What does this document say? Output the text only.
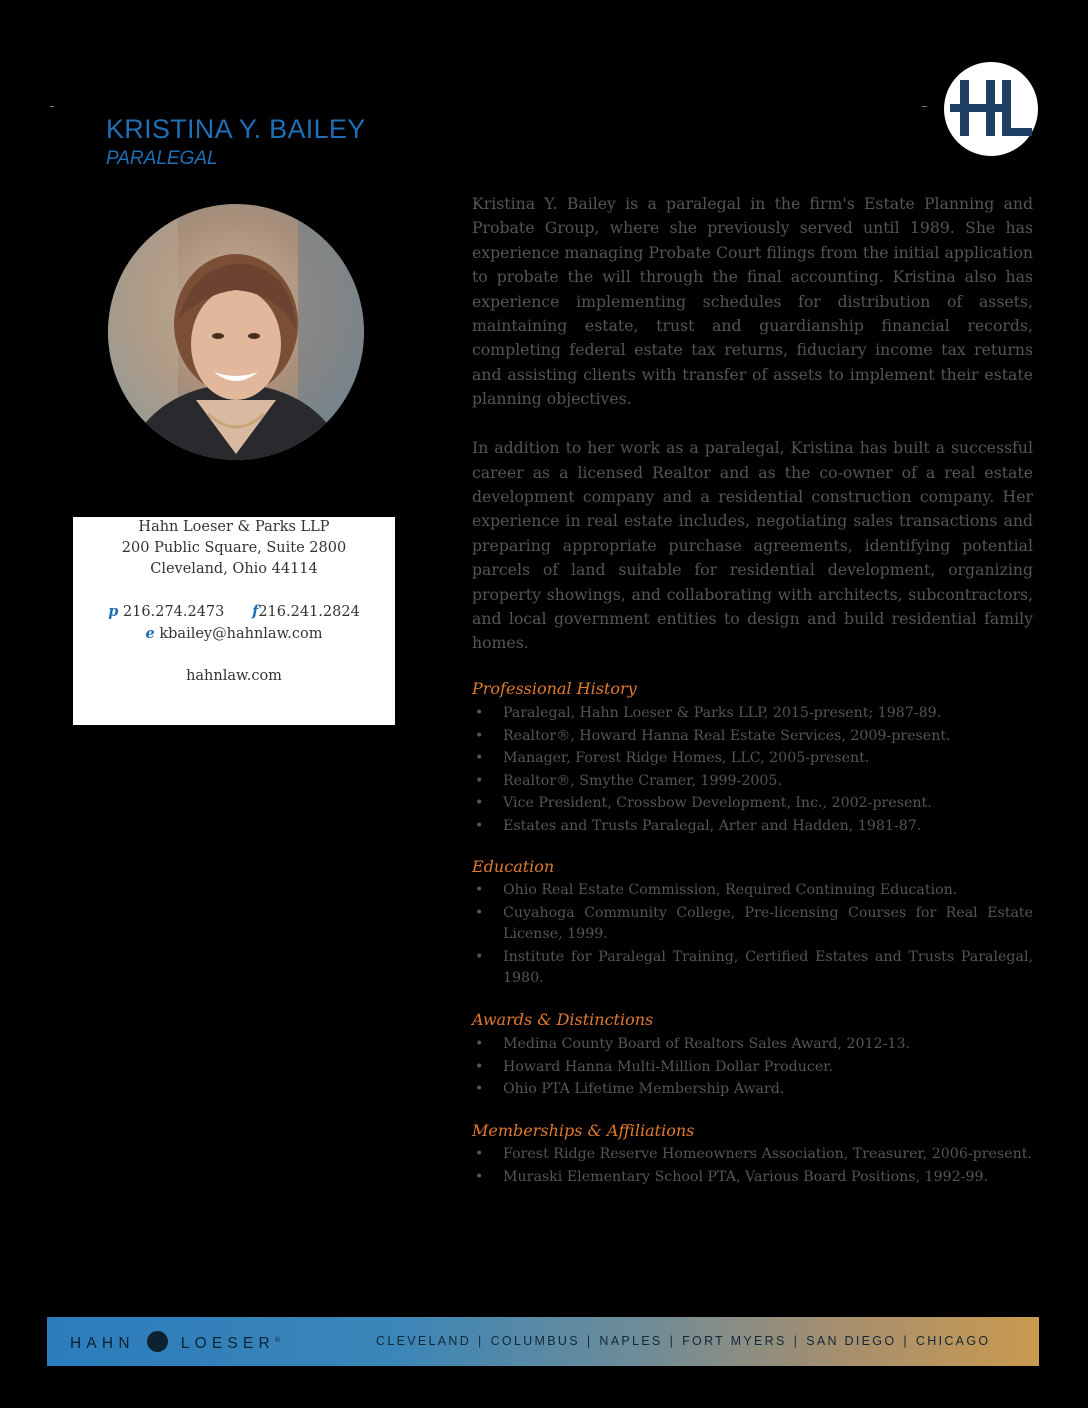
KRISTINA Y. BAILEY
PARALEGAL
Hahn Loeser & Parks LLP
200 Public Square, Suite 2800
Cleveland, Ohio 44114
p 216.274.2473 f216.241.2824
e kbailey@hahnlaw.com
hahnlaw.com

Kristina Y. Bailey is a paralegal in the firm's Estate Planning and Probate Group, where she previously served until 1989. She has experience managing Probate Court filings from the initial application to probate the will through the final accounting. Kristina also has experience implementing schedules for distribution of assets, maintaining estate, trust and guardianship financial records, completing federal estate tax returns, fiduciary income tax returns and assisting clients with transfer of assets to implement their estate planning objectives.

In addition to her work as a paralegal, Kristina has built a successful career as a licensed Realtor and as the co-owner of a real estate development company and a residential construction company. Her experience in real estate includes, negotiating sales transactions and preparing appropriate purchase agreements, identifying potential parcels of land suitable for residential development, organizing property showings, and collaborating with architects, subcontractors, and local government entities to design and build residential family homes.

Professional History
• Paralegal, Hahn Loeser & Parks LLP, 2015-present; 1987-89.
• Realtor®, Howard Hanna Real Estate Services, 2009-present.
• Manager, Forest Ridge Homes, LLC, 2005-present.
• Realtor®, Smythe Cramer, 1999-2005.
• Vice President, Crossbow Development, Inc., 2002-present.
• Estates and Trusts Paralegal, Arter and Hadden, 1981-87.
Education
• Ohio Real Estate Commission, Required Continuing Education.
• Cuyahoga Community College, Pre-licensing Courses for Real Estate License, 1999.
• Institute for Paralegal Training, Certified Estates and Trusts Paralegal, 1980.
Awards & Distinctions
• Medina County Board of Realtors Sales Award, 2012-13.
• Howard Hanna Multi-Million Dollar Producer.
• Ohio PTA Lifetime Membership Award.
Memberships & Affiliations
• Forest Ridge Reserve Homeowners Association, Treasurer, 2006-present.
• Muraski Elementary School PTA, Various Board Positions, 1992-99.
HAHN	LOESER®	CLEVELAND | COLUMBUS | NAPLES | FORT MYERS | SAN DIEGO | CHICAGO
